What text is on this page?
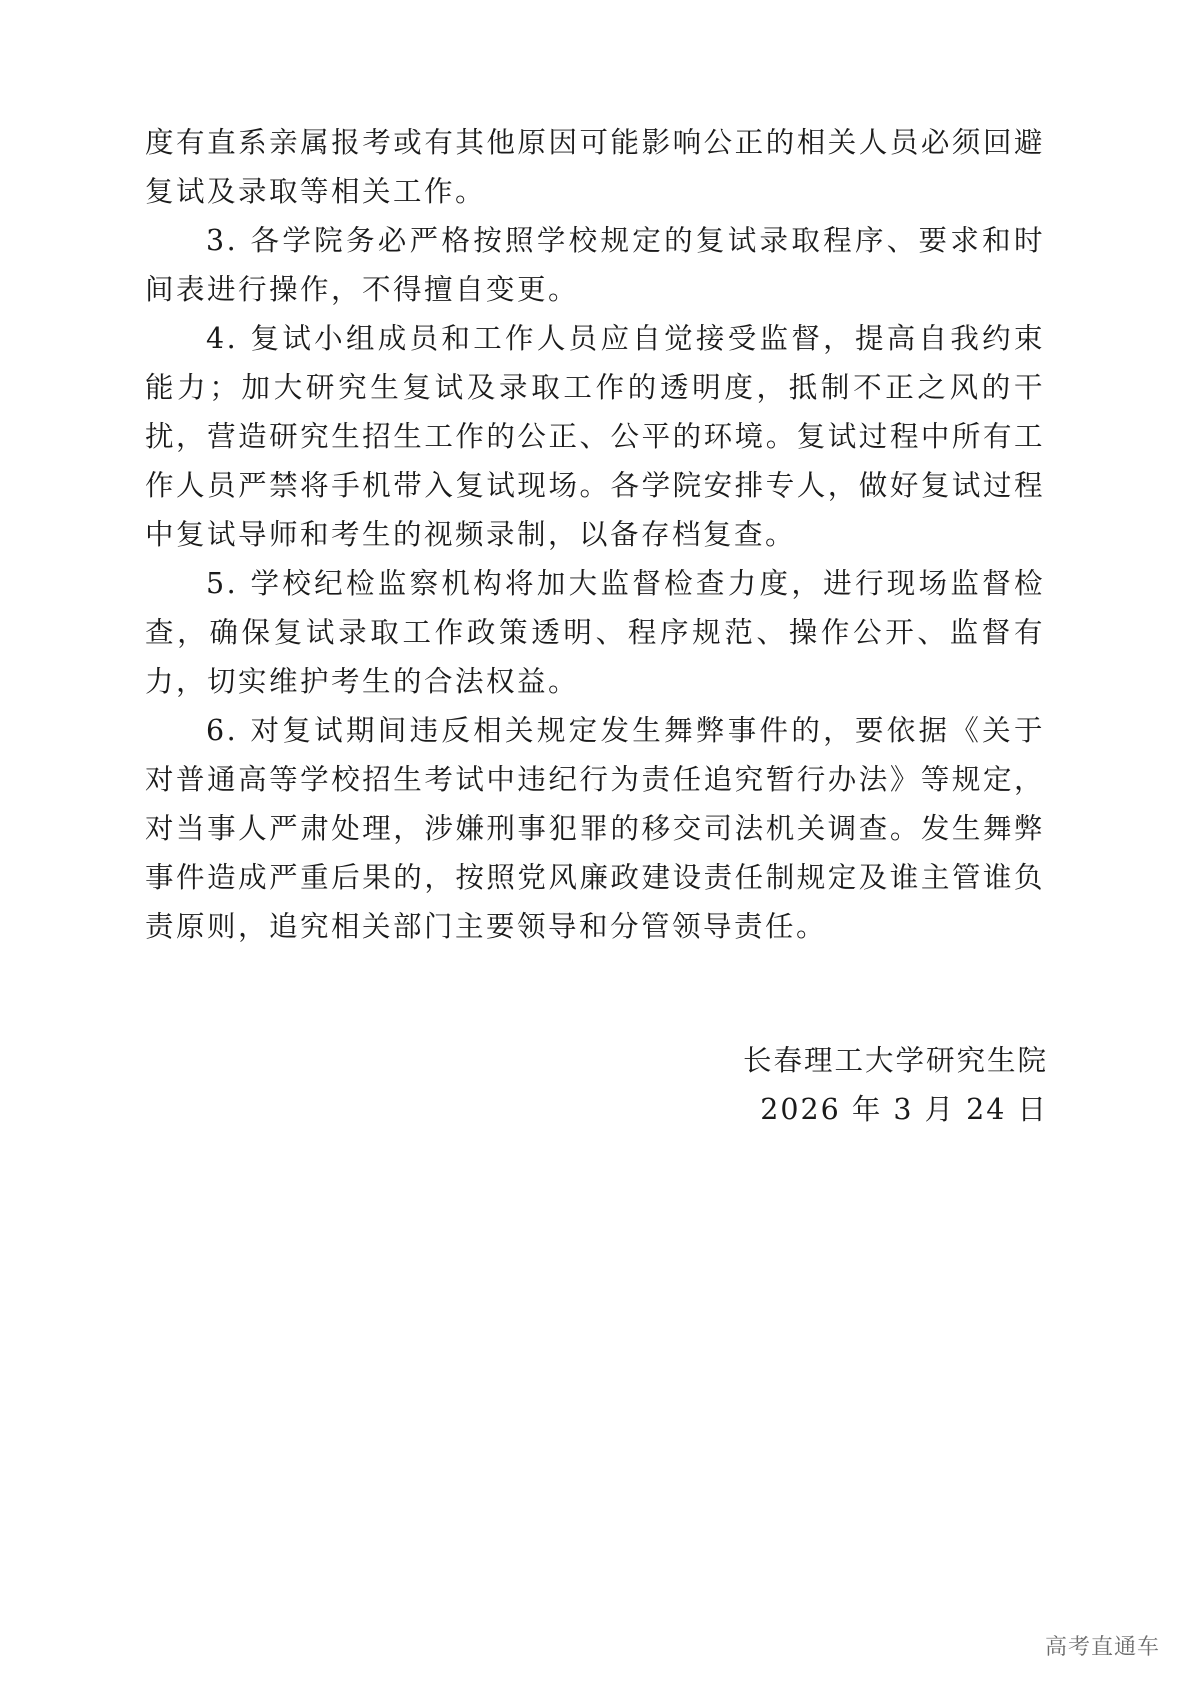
度有直系亲属报考或有其他原因可能影响公正的相关人员必须回避复试及录取等相关工作。

3. 各学院务必严格按照学校规定的复试录取程序、要求和时间表进行操作，不得擅自变更。

4. 复试小组成员和工作人员应自觉接受监督，提高自我约束能力；加大研究生复试及录取工作的透明度，抵制不正之风的干扰，营造研究生招生工作的公正、公平的环境。复试过程中所有工作人员严禁将手机带入复试现场。各学院安排专人，做好复试过程中复试导师和考生的视频录制，以备存档复查。

5. 学校纪检监察机构将加大监督检查力度，进行现场监督检查，确保复试录取工作政策透明、程序规范、操作公开、监督有力，切实维护考生的合法权益。

6. 对复试期间违反相关规定发生舞弊事件的，要依据《关于对普通高等学校招生考试中违纪行为责任追究暂行办法》等规定，对当事人严肃处理，涉嫌刑事犯罪的移交司法机关调查。发生舞弊事件造成严重后果的，按照党风廉政建设责任制规定及谁主管谁负责原则，追究相关部门主要领导和分管领导责任。

长春理工大学研究生院
2026 年 3 月 24 日
高考直通车
